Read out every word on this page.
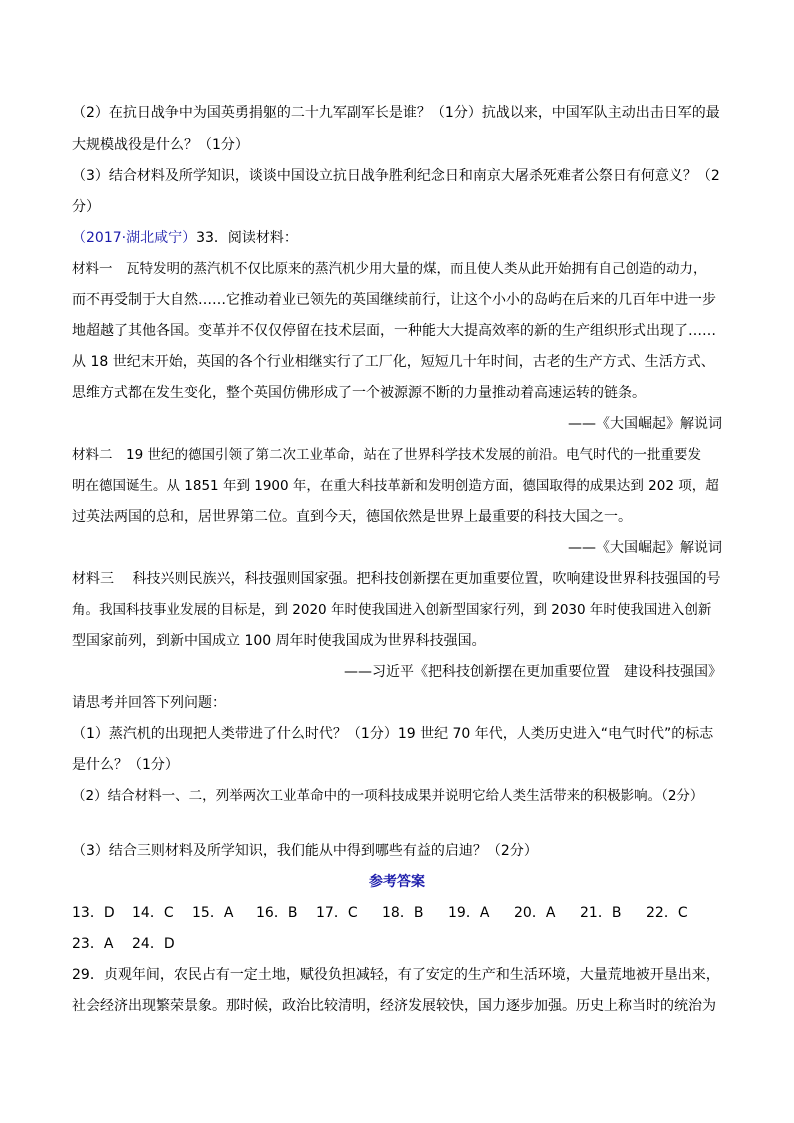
（2）在抗日战争中为国英勇捐躯的二十九军副军长是谁？（1分）抗战以来，中国军队主动出击日军的最
大规模战役是什么？（1分）
（3）结合材料及所学知识，谈谈中国设立抗日战争胜利纪念日和南京大屠杀死难者公祭日有何意义？（2
分）
（2017·湖北咸宁）33．阅读材料：
材料一　瓦特发明的蒸汽机不仅比原来的蒸汽机少用大量的煤，而且使人类从此开始拥有自己创造的动力，
而不再受制于大自然……它推动着业已领先的英国继续前行，让这个小小的岛屿在后来的几百年中进一步
地超越了其他各国。变革并不仅仅停留在技术层面，一种能大大提高效率的新的生产组织形式出现了……
从 18 世纪末开始，英国的各个行业相继实行了工厂化，短短几十年时间，古老的生产方式、生活方式、
思维方式都在发生变化，整个英国仿佛形成了一个被源源不断的力量推动着高速运转的链条。
——《大国崛起》解说词
材料二　19 世纪的德国引领了第二次工业革命，站在了世界科学技术发展的前沿。电气时代的一批重要发
明在德国诞生。从 1851 年到 1900 年，在重大科技革新和发明创造方面，德国取得的成果达到 202 项，超
过英法两国的总和，居世界第二位。直到今天，德国依然是世界上最重要的科技大国之一。
——《大国崛起》解说词
材料三　 科技兴则民族兴，科技强则国家强。把科技创新摆在更加重要位置，吹响建设世界科技强国的号
角。我国科技事业发展的目标是，到 2020 年时使我国进入创新型国家行列，到 2030 年时使我国进入创新
型国家前列，到新中国成立 100 周年时使我国成为世界科技强国。
——习近平《把科技创新摆在更加重要位置　建设科技强国》
请思考并回答下列问题：
（1）蒸汽机的出现把人类带进了什么时代？（1分）19 世纪 70 年代，人类历史进入“电气时代”的标志
是什么？（1分）
（2）结合材料一、二，列举两次工业革命中的一项科技成果并说明它给人类生活带来的积极影响。（2分）
（3）结合三则材料及所学知识，我们能从中得到哪些有益的启迪？（2分）
参考答案
13．D 14．C 15．A 16．B 17．C 18．B 19．A 20．A 21．B 22．C
23．A 24．D
29．贞观年间，农民占有一定土地，赋役负担减轻，有了安定的生产和生活环境，大量荒地被开垦出来，
社会经济出现繁荣景象。那时候，政治比较清明，经济发展较快，国力逐步加强。历史上称当时的统治为
